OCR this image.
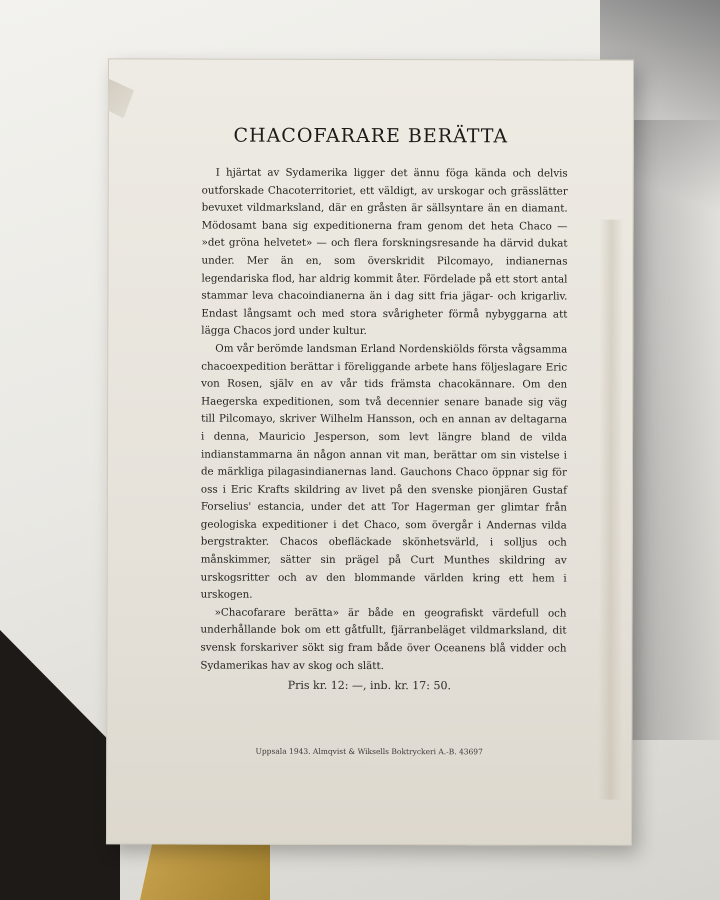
CHACOFARARE BERÄTTA

I hjärtat av Sydamerika ligger det ännu föga kända och delvis outforskade Chacoterritoriet, ett väldigt, av urskogar och grässlätter bevuxet vildmarksland, där en gråsten är sällsyntare än en diamant. Mödosamt bana sig expeditionerna fram genom det heta Chaco — »det gröna helvetet» — och flera forskningsresande ha därvid dukat under. Mer än en, som överskridit Pilcomayo, indianernas legendariska flod, har aldrig kommit åter. Fördelade på ett stort antal stammar leva chacoindianerna än i dag sitt fria jägar- och krigarliv. Endast långsamt och med stora svårigheter förmå nybyggarna att lägga Chacos jord under kultur.

Om vår berömde landsman Erland Nordenskiölds första vågsamma chacoexpedition berättar i föreliggande arbete hans följeslagare Eric von Rosen, själv en av vår tids främsta chacokännare. Om den Haegerska expeditionen, som två decennier senare banade sig väg till Pilcomayo, skriver Wilhelm Hansson, och en annan av deltagarna i denna, Mauricio Jesperson, som levt längre bland de vilda indianstammarna än någon annan vit man, berättar om sin vistelse i de märkliga pilagasindianernas land. Gauchons Chaco öppnar sig för oss i Eric Krafts skildring av livet på den svenske pionjären Gustaf Forselius' estancia, under det att Tor Hagerman ger glimtar från geologiska expeditioner i det Chaco, som övergår i Andernas vilda bergstrakter. Chacos obefläckade skönhetsvärld, i solljus och månskimmer, sätter sin prägel på Curt Munthes skildring av urskogsritter och av den blommande världen kring ett hem i urskogen.

»Chacofarare berätta» är både en geografiskt värdefull och underhållande bok om ett gåtfullt, fjärranbeläget vildmarksland, dit svensk forskariver sökt sig fram både över Oceanens blå vidder och Sydamerikas hav av skog och slätt.

Pris kr. 12: —, inb. kr. 17: 50.
Uppsala 1943. Almqvist & Wiksells Boktryckeri A.-B. 43697
